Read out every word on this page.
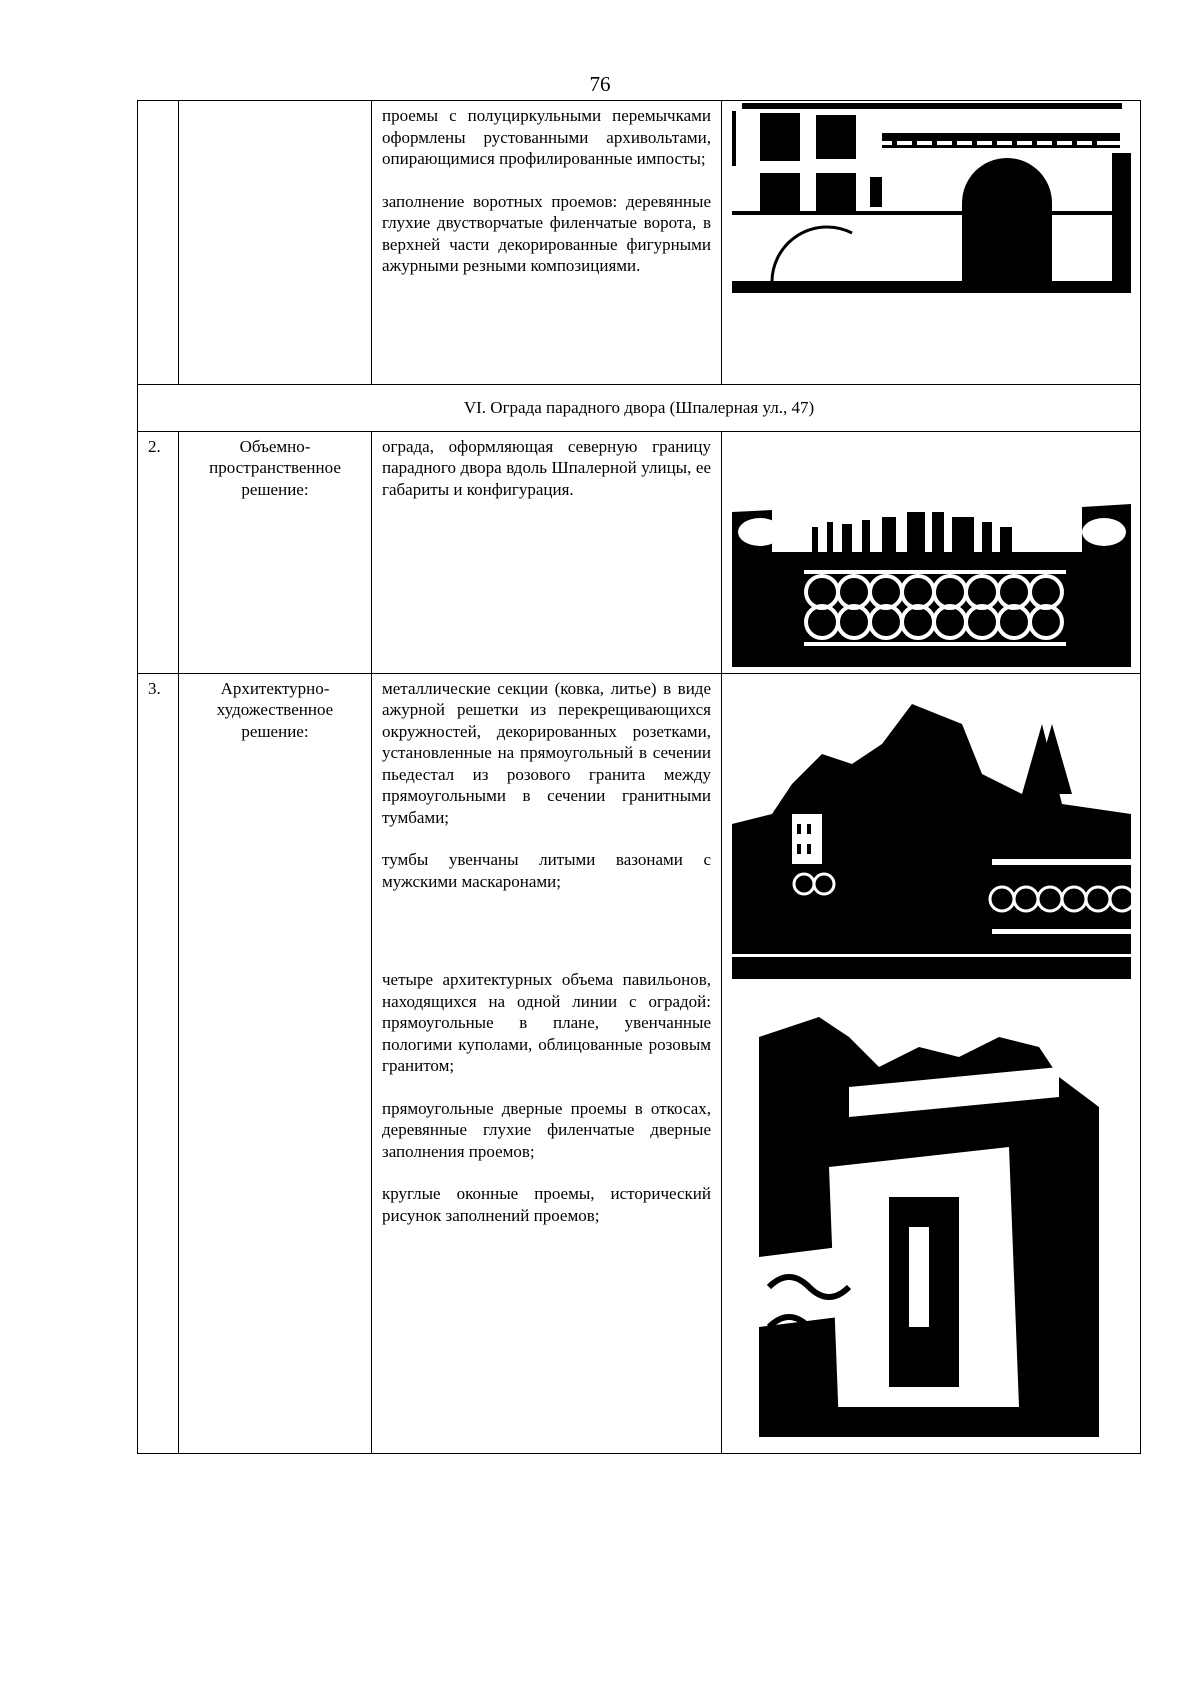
76

		проемы с полуциркульными перемычками оформлены рустованными архивольтами, опирающимися профилированные импосты;

заполнение воротных проемов: деревянные глухие двустворчатые филенчатые ворота, в верхней части декорированные фигурными ажурными резными композициями.

VI. Ограда парадного двора (Шпалерная ул., 47)			
2.	Объемно-пространственное решение:	ограда, оформляющая северную границу парадного двора вдоль Шпалерной улицы, ее габариты и конфигурация.

3.	Архитектурно-художественное решение:	металлические секции (ковка, литье) в виде ажурной решетки из перекрещивающихся окружностей, декорированных розетками, установленные на прямоугольный в сечении пьедестал из розового гранита между прямоугольными в сечении гранитными тумбами;

тумбы увенчаны литыми вазонами с мужскими маскаронами;

четыре архитектурных объема павильонов, находящихся на одной линии с оградой: прямоугольные в плане, увенчанные пологими куполами, облицованные розовым гранитом;

прямоугольные дверные проемы в откосах, деревянные глухие филенчатые дверные заполнения проемов;

круглые оконные проемы, исторический рисунок заполнений проемов;
